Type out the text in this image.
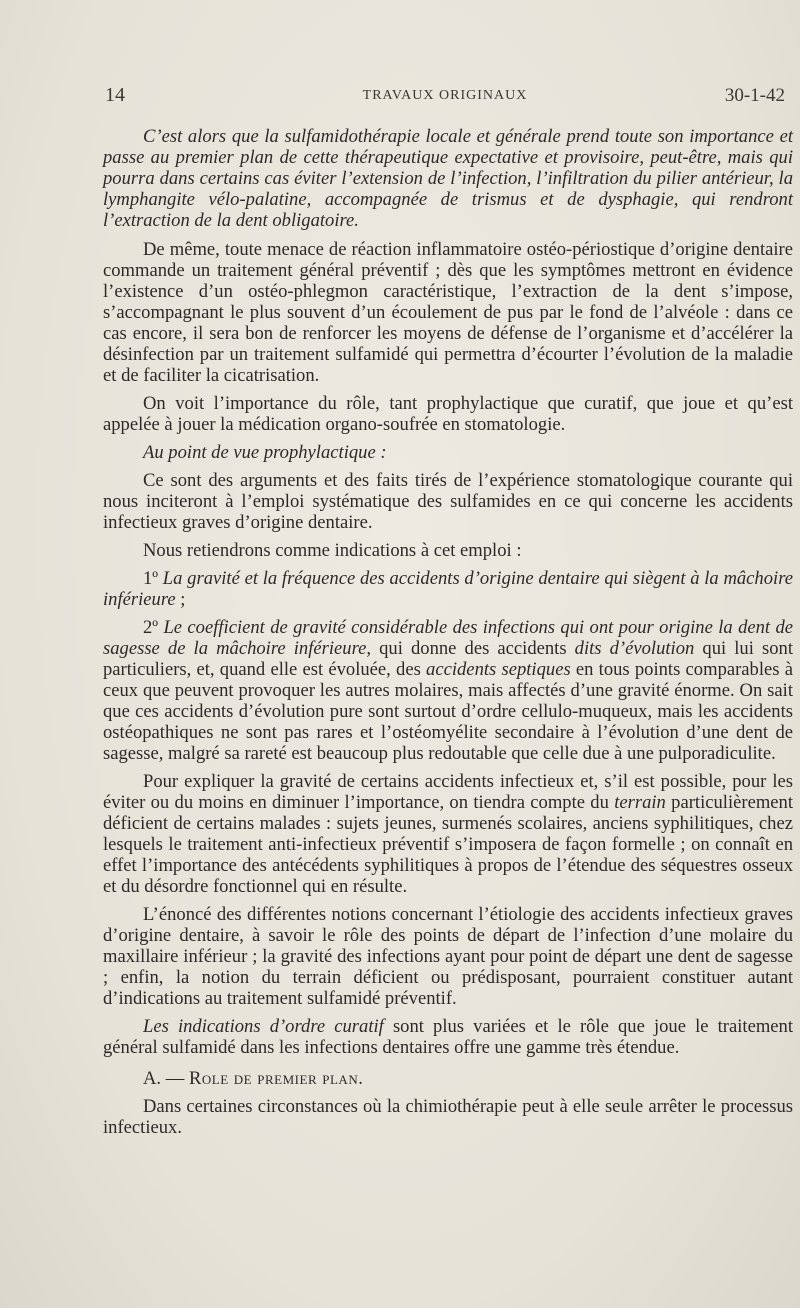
14	TRAVAUX ORIGINAUX	30-1-42

C’est alors que la sulfamidothérapie locale et générale prend toute son importance et passe au premier plan de cette thérapeutique expectative et provisoire, peut-être, mais qui pourra dans certains cas éviter l’extension de l’infection, l’infiltration du pilier antérieur, la lymphangite vélo-palatine, accompagnée de trismus et de dysphagie, qui rendront l’extraction de la dent obligatoire.

De même, toute menace de réaction inflammatoire ostéo-périostique d’origine dentaire commande un traitement général préventif ; dès que les symptômes mettront en évidence l’existence d’un ostéo-phlegmon caractéristique, l’extraction de la dent s’impose, s’accompagnant le plus souvent d’un écoulement de pus par le fond de l’alvéole : dans ce cas encore, il sera bon de renforcer les moyens de défense de l’organisme et d’accélérer la désinfection par un traitement sulfamidé qui permettra d’écourter l’évolution de la maladie et de faciliter la cicatrisation.

On voit l’importance du rôle, tant prophylactique que curatif, que joue et qu’est appelée à jouer la médication organo-soufrée en stomatologie.

Au point de vue prophylactique :

Ce sont des arguments et des faits tirés de l’expérience stomatologique courante qui nous inciteront à l’emploi systématique des sulfamides en ce qui concerne les accidents infectieux graves d’origine dentaire.

Nous retiendrons comme indications à cet emploi :

1º La gravité et la fréquence des accidents d’origine dentaire qui siègent à la mâchoire inférieure ;

2º Le coefficient de gravité considérable des infections qui ont pour origine la dent de sagesse de la mâchoire inférieure, qui donne des accidents dits d’évolution qui lui sont particuliers, et, quand elle est évoluée, des accidents septiques en tous points comparables à ceux que peuvent provoquer les autres molaires, mais affectés d’une gravité énorme. On sait que ces accidents d’évolution pure sont surtout d’ordre cellulo-muqueux, mais les accidents ostéopathiques ne sont pas rares et l’ostéomyélite secondaire à l’évolution d’une dent de sagesse, malgré sa rareté est beaucoup plus redoutable que celle due à une pulporadiculite.

Pour expliquer la gravité de certains accidents infectieux et, s’il est possible, pour les éviter ou du moins en diminuer l’importance, on tiendra compte du terrain particulièrement déficient de certains malades : sujets jeunes, surmenés scolaires, anciens syphilitiques, chez lesquels le traitement anti-infectieux préventif s’imposera de façon formelle ; on connaît en effet l’importance des antécédents syphilitiques à propos de l’étendue des séquestres osseux et du désordre fonctionnel qui en résulte.

L’énoncé des différentes notions concernant l’étiologie des accidents infectieux graves d’origine dentaire, à savoir le rôle des points de départ de l’infection d’une molaire du maxillaire inférieur ; la gravité des infections ayant pour point de départ une dent de sagesse ; enfin, la notion du terrain déficient ou prédisposant, pourraient constituer autant d’indications au traitement sulfamidé préventif.

Les indications d’ordre curatif sont plus variées et le rôle que joue le traitement général sulfamidé dans les infections dentaires offre une gamme très étendue.

A. — Role de premier plan.

Dans certaines circonstances où la chimiothérapie peut à elle seule arrêter le processus infectieux.
